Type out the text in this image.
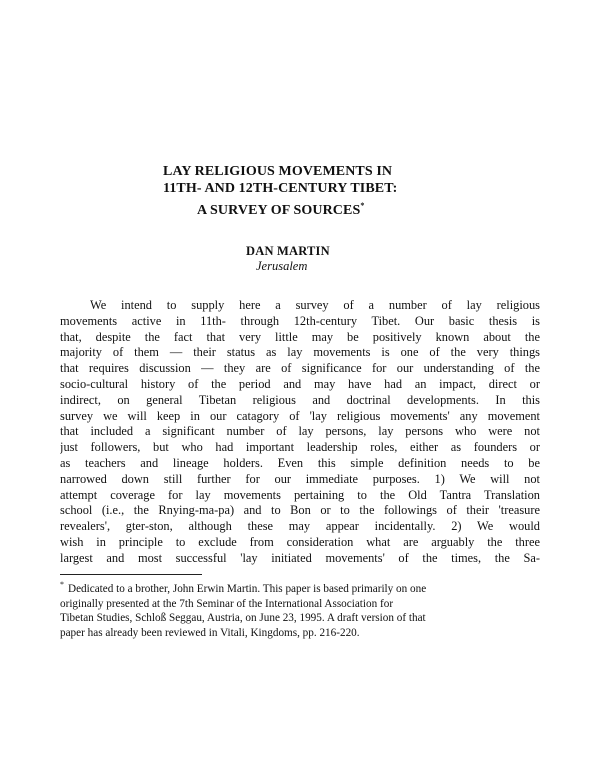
LAY RELIGIOUS MOVEMENTS IN
11TH- AND 12TH-CENTURY TIBET:
A SURVEY OF SOURCES*
DAN MARTIN
Jerusalem
We intend to supply here a survey of a number of lay religious
movements active in 11th- through 12th-century Tibet. Our basic thesis is
that, despite the fact that very little may be positively known about the
majority of them — their status as lay movements is one of the very things
that requires discussion — they are of significance for our understanding of the
socio-cultural history of the period and may have had an impact, direct or
indirect, on general Tibetan religious and doctrinal developments. In this
survey we will keep in our catagory of 'lay religious movements' any movement
that included a significant number of lay persons, lay persons who were not
just followers, but who had important leadership roles, either as founders or
as teachers and lineage holders. Even this simple definition needs to be
narrowed down still further for our immediate purposes. 1) We will not
attempt coverage for lay movements pertaining to the Old Tantra Translation
school (i.e., the Rnying-ma-pa) and to Bon or to the followings of their 'treasure
revealers', gter-ston, although these may appear incidentally. 2) We would
wish in principle to exclude from consideration what are arguably the three
largest and most successful 'lay initiated movements' of the times, the Sa-
* Dedicated to a brother, John Erwin Martin. This paper is based primarily on one
originally presented at the 7th Seminar of the International Association for
Tibetan Studies, Schloß Seggau, Austria, on June 23, 1995. A draft version of that
paper has already been reviewed in Vitali, Kingdoms, pp. 216-220.
